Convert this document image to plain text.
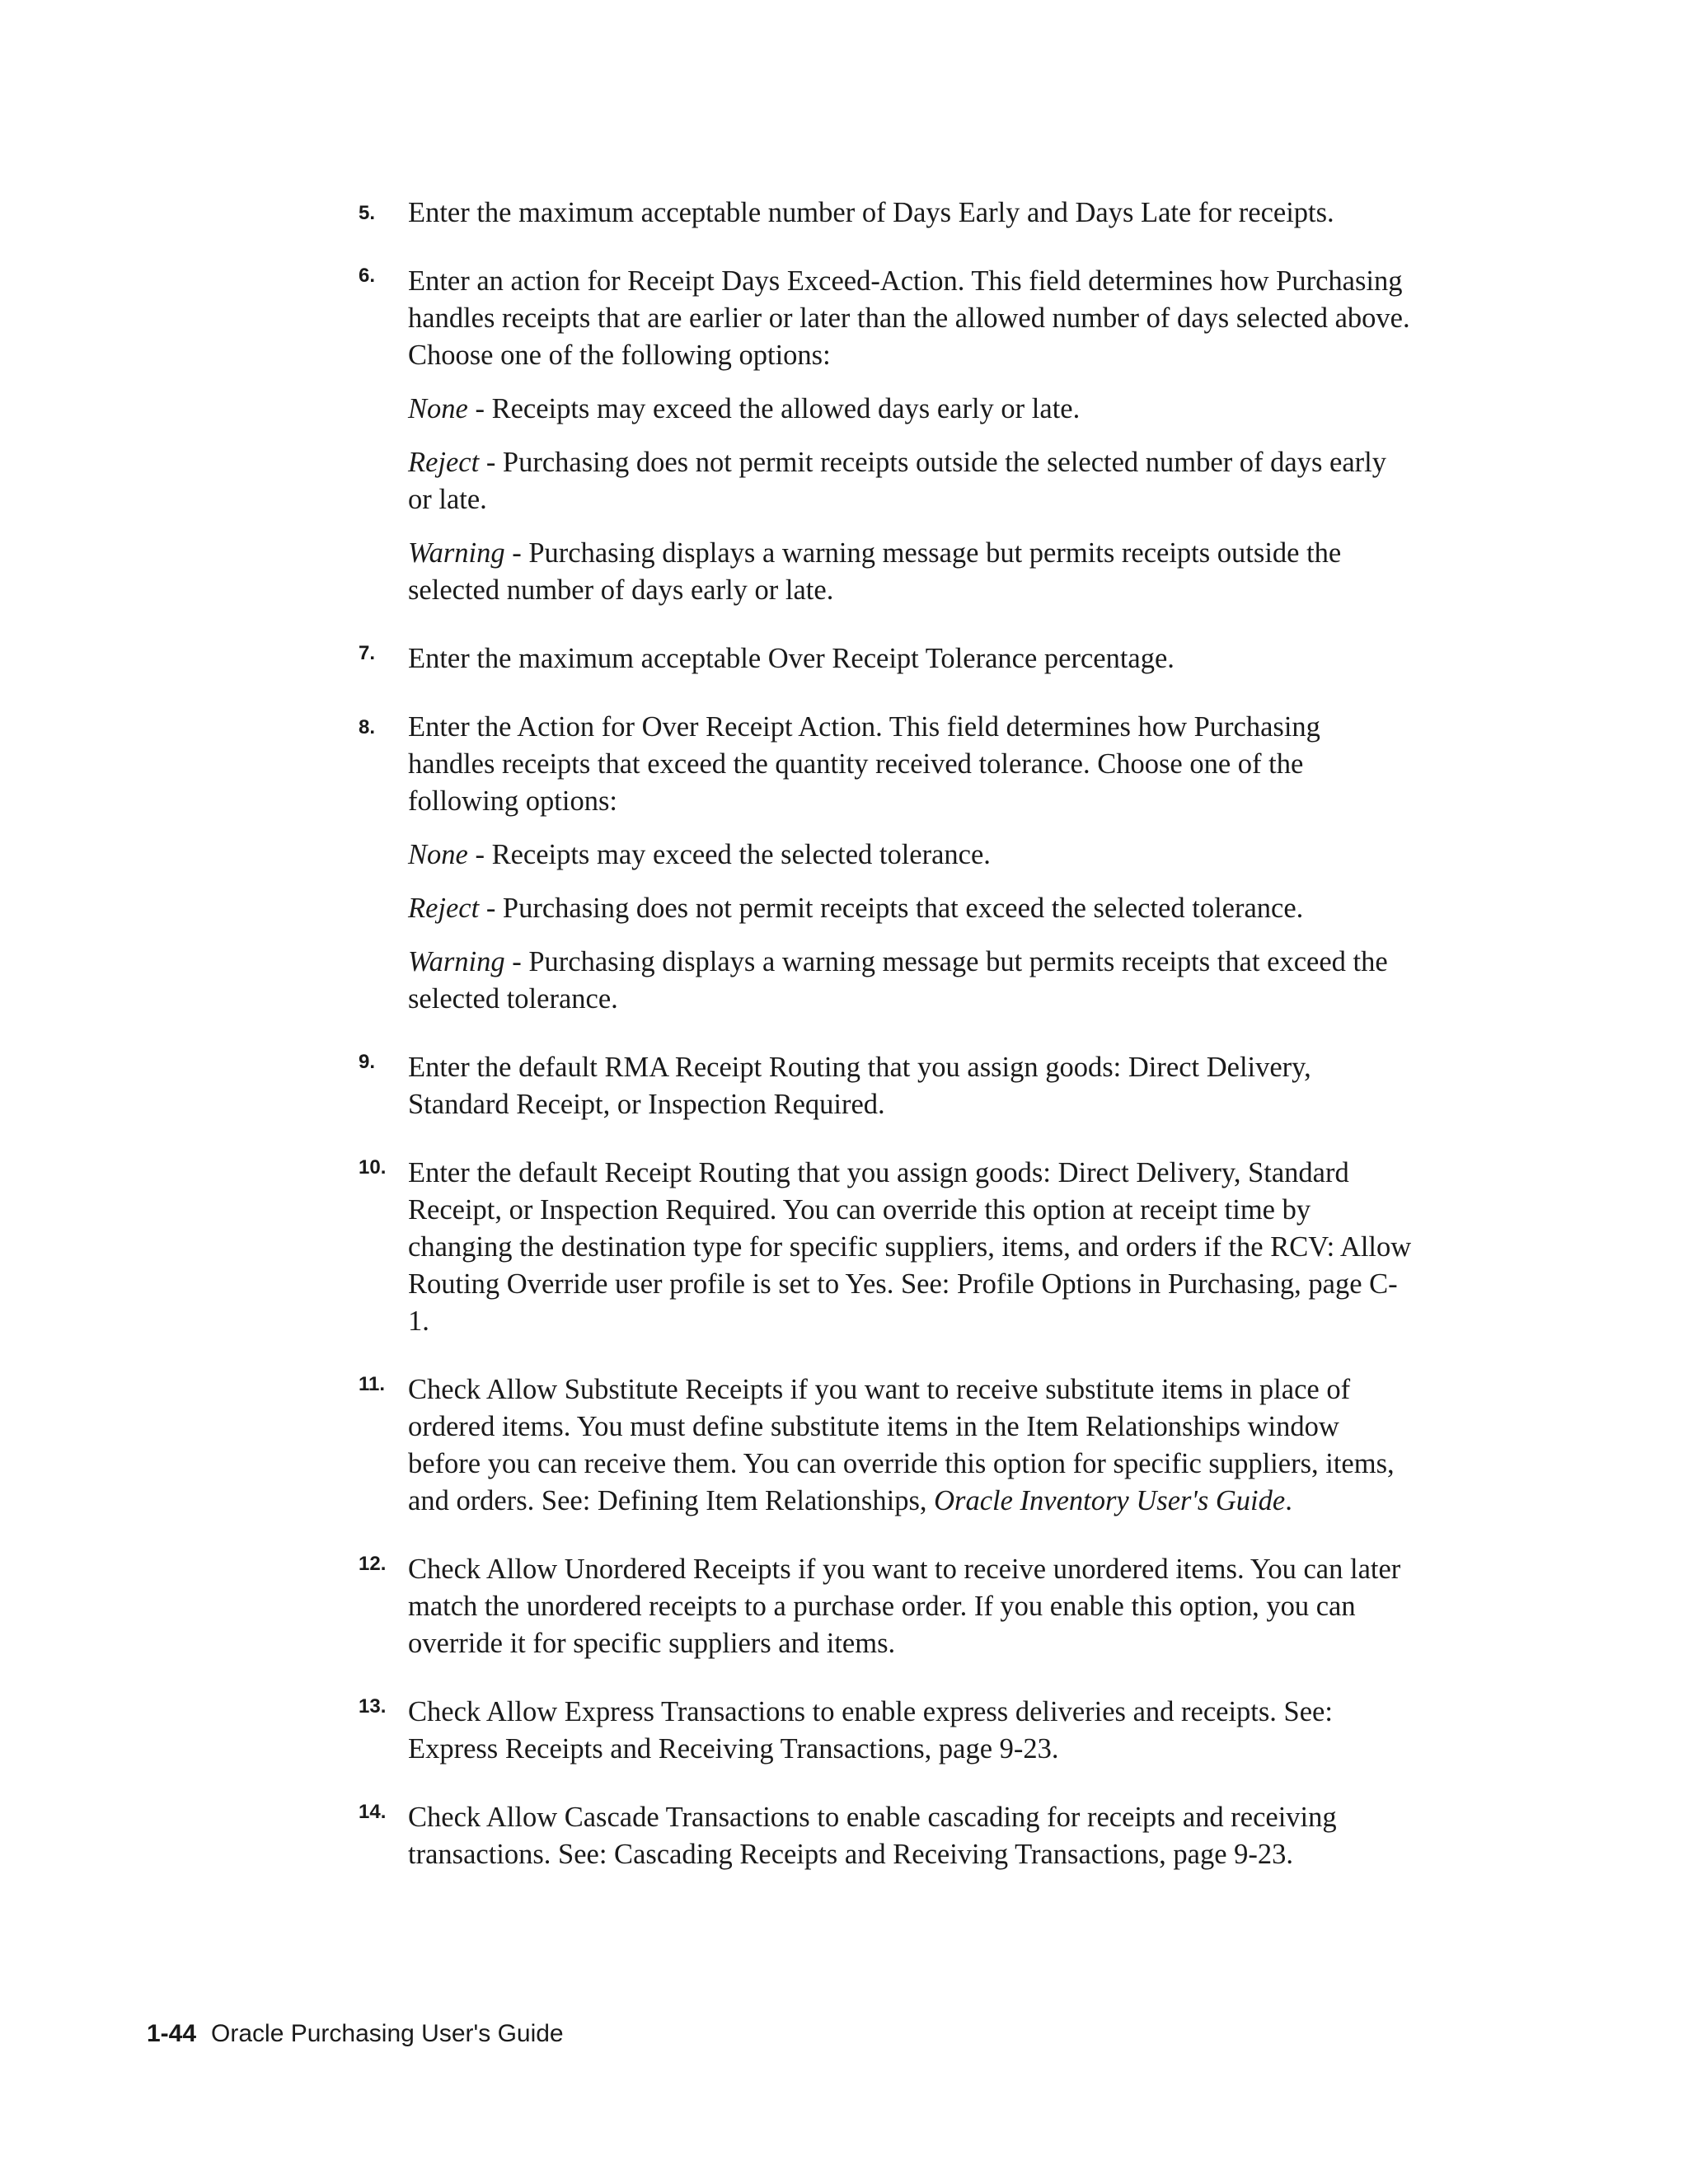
5.	Enter the maximum acceptable number of Days Early and Days Late for receipts.

6.	Enter an action for Receipt Days Exceed-Action. This field determines how Purchasing handles receipts that are earlier or later than the allowed number of days selected above. Choose one of the following options:

None - Receipts may exceed the allowed days early or late.

Reject - Purchasing does not permit receipts outside the selected number of days early or late.

Warning - Purchasing displays a warning message but permits receipts outside the selected number of days early or late.

7.	Enter the maximum acceptable Over Receipt Tolerance percentage.

8.	Enter the Action for Over Receipt Action. This field determines how Purchasing handles receipts that exceed the quantity received tolerance. Choose one of the following options:

None - Receipts may exceed the selected tolerance.

Reject - Purchasing does not permit receipts that exceed the selected tolerance.

Warning - Purchasing displays a warning message but permits receipts that exceed the selected tolerance.

9.	Enter the default RMA Receipt Routing that you assign goods: Direct Delivery, Standard Receipt, or Inspection Required.

10. Enter the default Receipt Routing that you assign goods: Direct Delivery, Standard Receipt, or Inspection Required. You can override this option at receipt time by changing the destination type for specific suppliers, items, and orders if the RCV: Allow Routing Override user profile is set to Yes. See: Profile Options in Purchasing, page C-1.

11. Check Allow Substitute Receipts if you want to receive substitute items in place of ordered items. You must define substitute items in the Item Relationships window before you can receive them. You can override this option for specific suppliers, items, and orders. See: Defining Item Relationships, Oracle Inventory User's Guide.

12. Check Allow Unordered Receipts if you want to receive unordered items. You can later match the unordered receipts to a purchase order. If you enable this option, you can override it for specific suppliers and items.

13. Check Allow Express Transactions to enable express deliveries and receipts. See: Express Receipts and Receiving Transactions, page 9-23.

14. Check Allow Cascade Transactions to enable cascading for receipts and receiving transactions. See: Cascading Receipts and Receiving Transactions, page 9-23.

1-44 Oracle Purchasing User's Guide
